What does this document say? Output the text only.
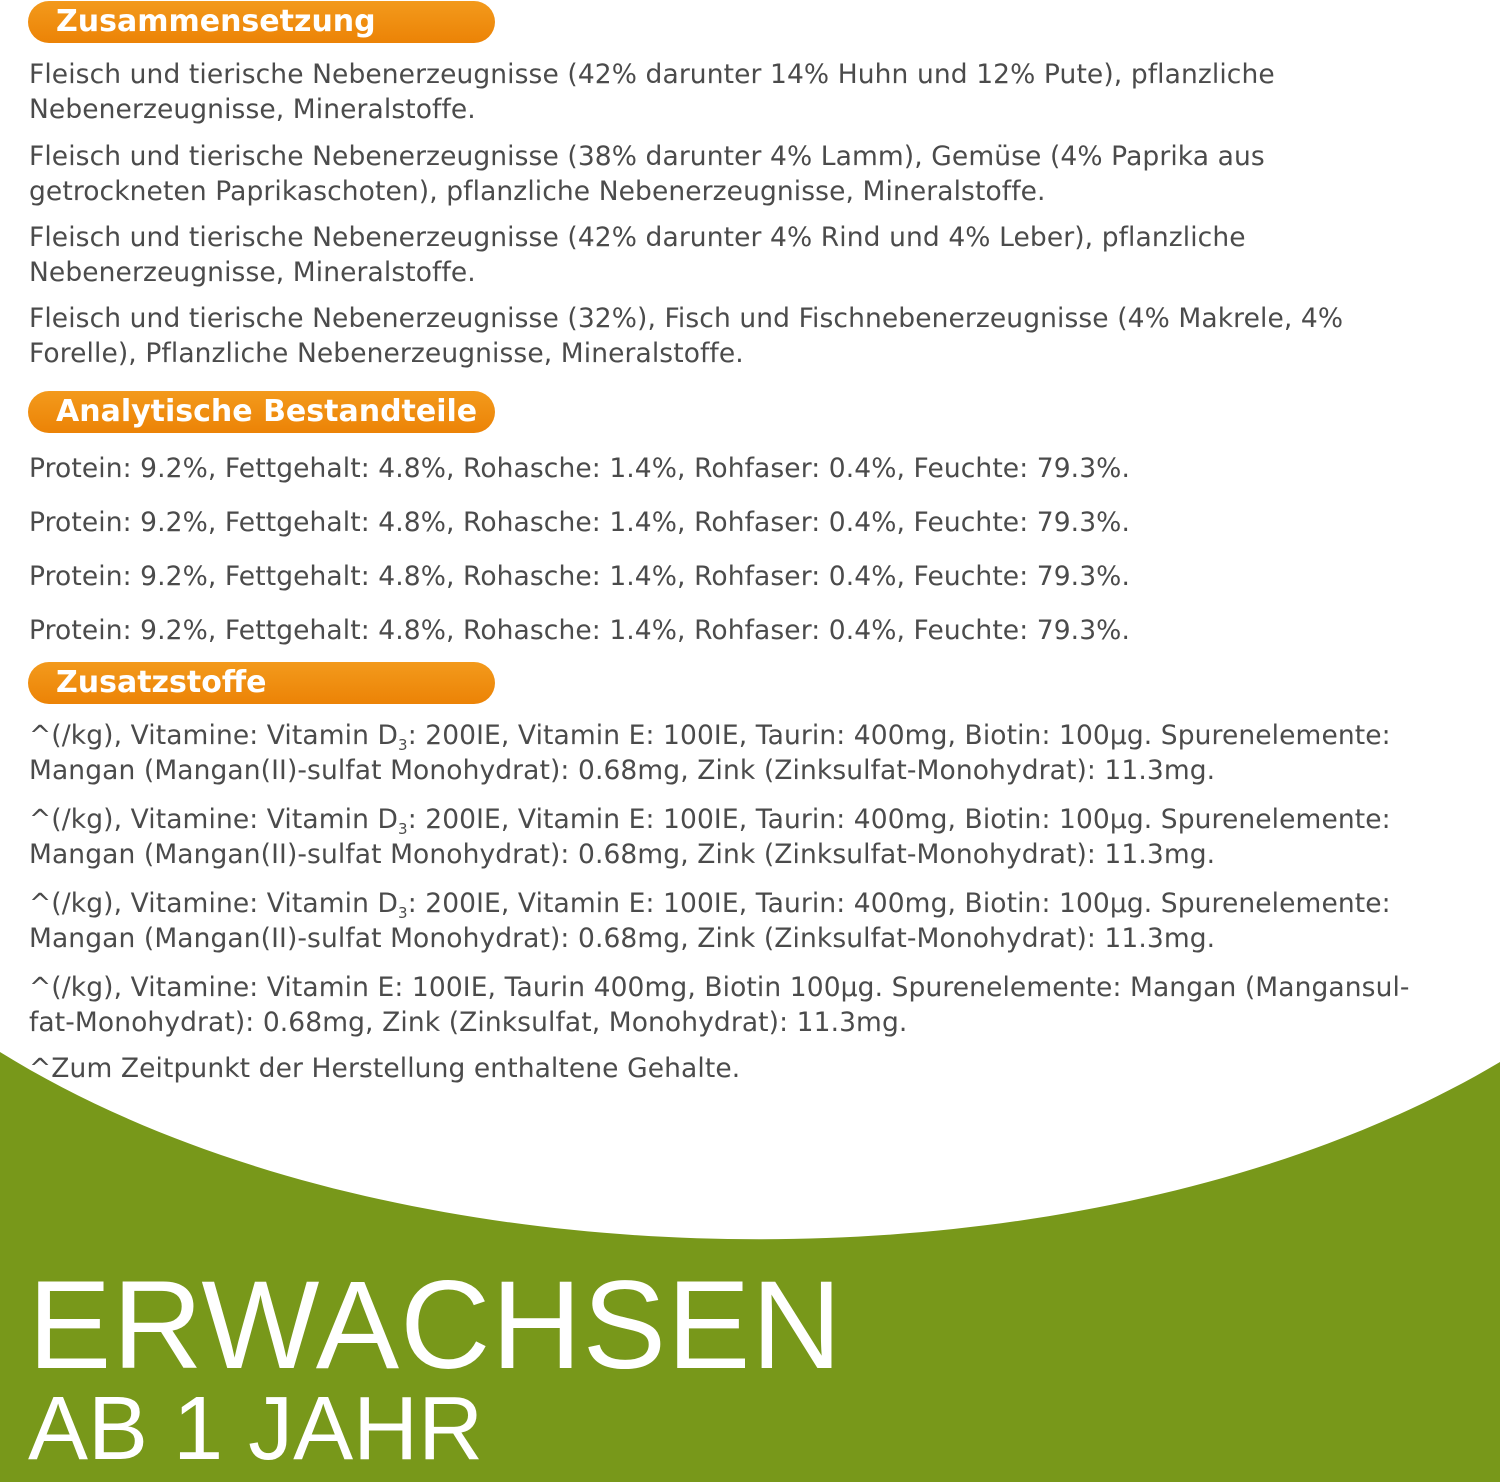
Zusammensetzung

Fleisch und tierische Nebenerzeugnisse (42% darunter 14% Huhn und 12% Pute), pflanzliche
Nebenerzeugnisse, Mineralstoffe.

Fleisch und tierische Nebenerzeugnisse (38% darunter 4% Lamm), Gemüse (4% Paprika aus
getrockneten Paprikaschoten), pflanzliche Nebenerzeugnisse, Mineralstoffe.

Fleisch und tierische Nebenerzeugnisse (42% darunter 4% Rind und 4% Leber), pflanzliche
Nebenerzeugnisse, Mineralstoffe.

Fleisch und tierische Nebenerzeugnisse (32%), Fisch und Fischnebenerzeugnisse (4% Makrele, 4%
Forelle), Pflanzliche Nebenerzeugnisse, Mineralstoffe.

Analytische Bestandteile

Protein: 9.2%, Fettgehalt: 4.8%, Rohasche: 1.4%, Rohfaser: 0.4%, Feuchte: 79.3%.

Protein: 9.2%, Fettgehalt: 4.8%, Rohasche: 1.4%, Rohfaser: 0.4%, Feuchte: 79.3%.

Protein: 9.2%, Fettgehalt: 4.8%, Rohasche: 1.4%, Rohfaser: 0.4%, Feuchte: 79.3%.

Protein: 9.2%, Fettgehalt: 4.8%, Rohasche: 1.4%, Rohfaser: 0.4%, Feuchte: 79.3%.

Zusatzstoffe

^(/kg), Vitamine: Vitamin $D_3$: 200IE, Vitamin E: 100IE, Taurin: 400mg, Biotin: 100µg. Spurenelemente:
Mangan (Mangan(II)-sulfat Monohydrat): 0.68mg, Zink (Zinksulfat-Monohydrat): 11.3mg.

^(/kg), Vitamine: Vitamin $D_3$: 200IE, Vitamin E: 100IE, Taurin: 400mg, Biotin: 100µg. Spurenelemente:
Mangan (Mangan(II)-sulfat Monohydrat): 0.68mg, Zink (Zinksulfat-Monohydrat): 11.3mg.

^(/kg), Vitamine: Vitamin $D_3$: 200IE, Vitamin E: 100IE, Taurin: 400mg, Biotin: 100µg. Spurenelemente:
Mangan (Mangan(II)-sulfat Monohydrat): 0.68mg, Zink (Zinksulfat-Monohydrat): 11.3mg.

^(/kg), Vitamine: Vitamin E: 100IE, Taurin 400mg, Biotin 100µg. Spurenelemente: Mangan (Mangansul-
fat-Monohydrat): 0.68mg, Zink (Zinksulfat, Monohydrat): 11.3mg.

^Zum Zeitpunkt der Herstellung enthaltene Gehalte.

ERWACHSEN
AB 1 JAHR
